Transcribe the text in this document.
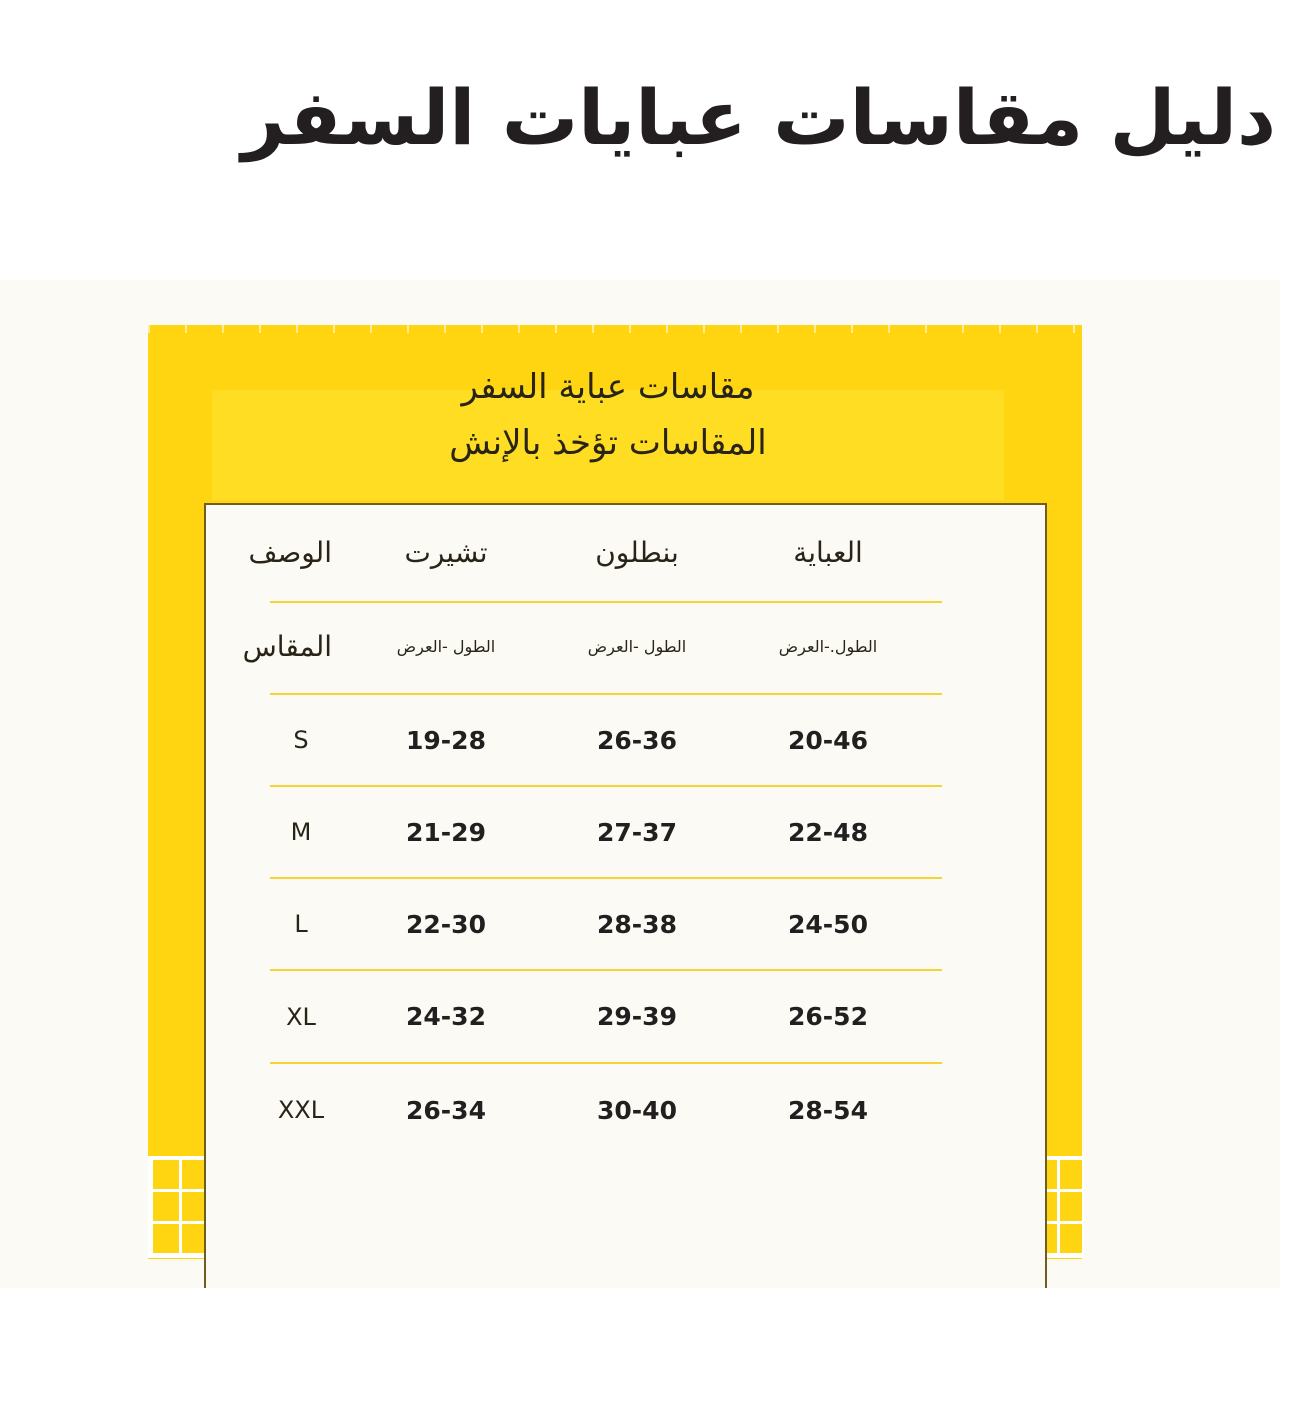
دليل مقاسات عبايات السفر
مقاسات عباية السفر
المقاسات تؤخذ بالإنش
العباية
بنطلون
تشيرت
الوصف
الطول.-العرض
الطول -العرض
الطول -العرض
المقاس
20-46
26-36
19-28
S
22-48
27-37
21-29
M
24-50
28-38
22-30
L
26-52
29-39
24-32
XL
28-54
30-40
26-34
XXL
